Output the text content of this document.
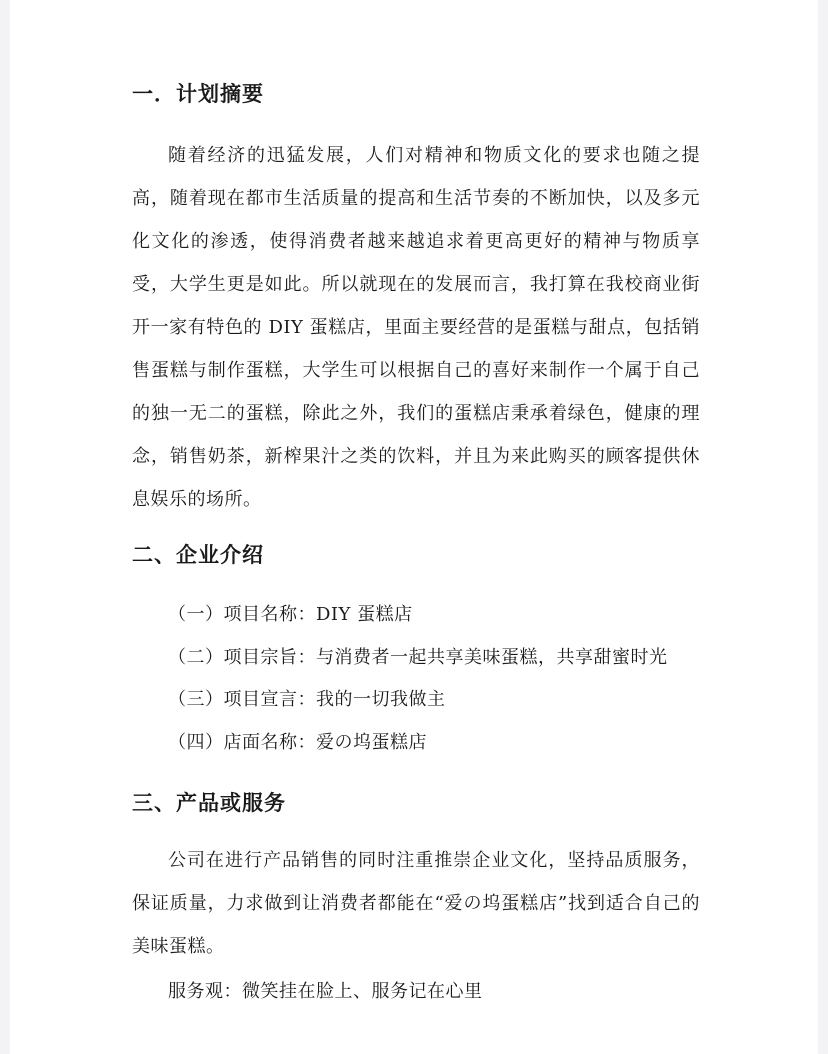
一．计划摘要

随着经济的迅猛发展，人们对精神和物质文化的要求也随之提高，随着现在都市生活质量的提高和生活节奏的不断加快，以及多元化文化的渗透，使得消费者越来越追求着更高更好的精神与物质享受，大学生更是如此。所以就现在的发展而言，我打算在我校商业街开一家有特色的 DIY 蛋糕店，里面主要经营的是蛋糕与甜点，包括销售蛋糕与制作蛋糕，大学生可以根据自己的喜好来制作一个属于自己的独一无二的蛋糕，除此之外，我们的蛋糕店秉承着绿色，健康的理念，销售奶茶，新榨果汁之类的饮料，并且为来此购买的顾客提供休息娱乐的场所。

二、企业介绍

（一）项目名称：DIY 蛋糕店

（二）项目宗旨：与消费者一起共享美味蛋糕，共享甜蜜时光

（三）项目宣言：我的一切我做主

（四）店面名称：爱の坞蛋糕店

三、产品或服务

公司在进行产品销售的同时注重推崇企业文化，坚持品质服务，保证质量，力求做到让消费者都能在“爱の坞蛋糕店”找到适合自己的美味蛋糕。

服务观：微笑挂在脸上、服务记在心里
